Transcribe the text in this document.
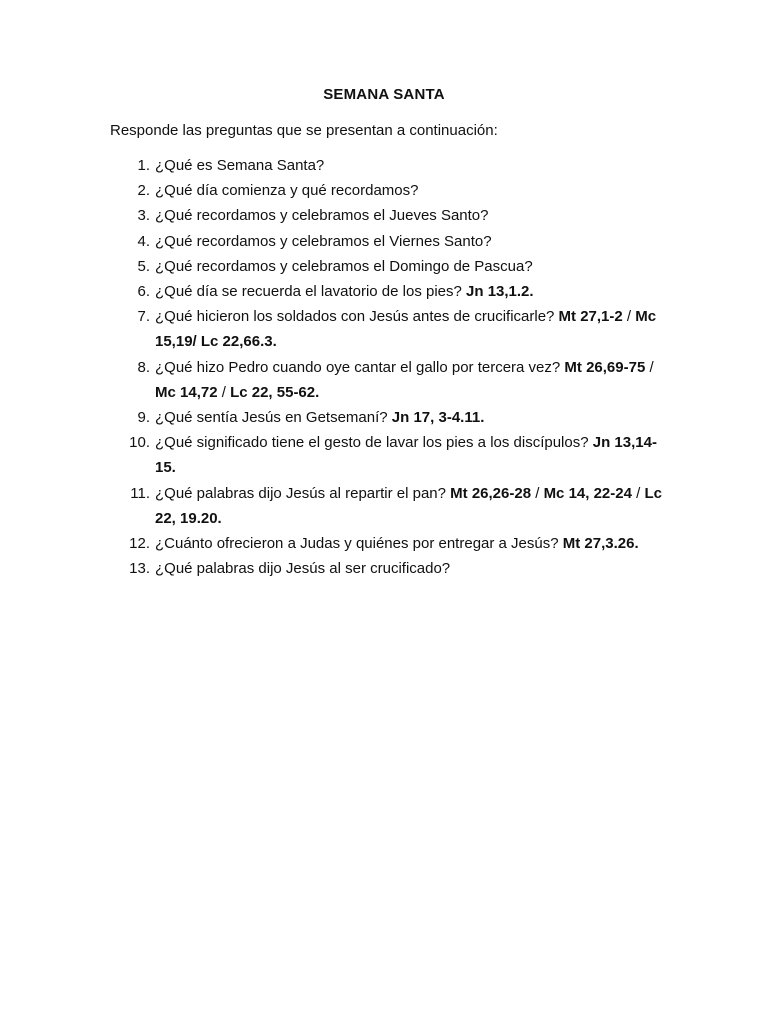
SEMANA SANTA
Responde las preguntas que se presentan a continuación:
1. ¿Qué es Semana Santa?
2. ¿Qué día comienza y qué recordamos?
3. ¿Qué recordamos y celebramos el Jueves Santo?
4. ¿Qué recordamos y celebramos el Viernes Santo?
5. ¿Qué recordamos y celebramos el Domingo de Pascua?
6. ¿Qué día se recuerda el lavatorio de los pies? Jn 13,1.2.
7. ¿Qué hicieron los soldados con Jesús antes de crucificarle? Mt 27,1-2 / Mc 15,19/ Lc 22,66.3.
8. ¿Qué hizo Pedro cuando oye cantar el gallo por tercera vez? Mt 26,69-75 / Mc 14,72 / Lc 22, 55-62.
9. ¿Qué sentía Jesús en Getsemaní? Jn 17, 3-4.11.
10. ¿Qué significado tiene el gesto de lavar los pies a los discípulos? Jn 13,14-15.
11. ¿Qué palabras dijo Jesús al repartir el pan? Mt 26,26-28 / Mc 14, 22-24 / Lc 22, 19.20.
12. ¿Cuánto ofrecieron a Judas y quiénes por entregar a Jesús? Mt 27,3.26.
13. ¿Qué palabras dijo Jesús al ser crucificado?
